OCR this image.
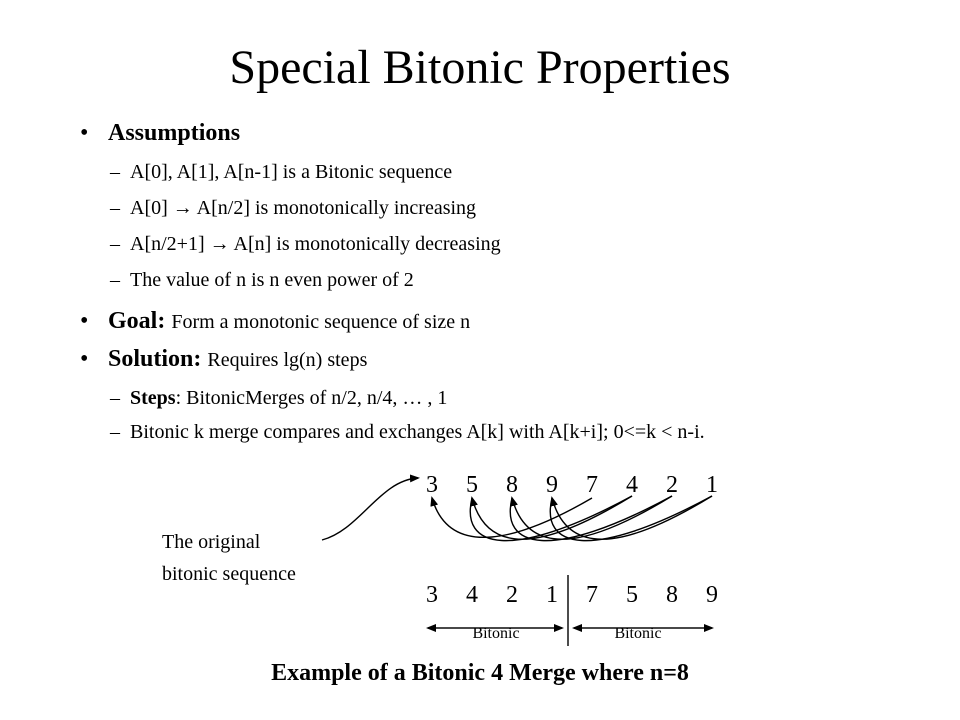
Special Bitonic Properties
• Assumptions
– A[0], A[1], A[n-1] is a Bitonic sequence
– A[0] → A[n/2] is monotonically increasing
– A[n/2+1] → A[n] is monotonically decreasing
– The value of n is n even power of 2
• Goal: Form a monotonic sequence of size n
• Solution: Requires lg(n) steps
– Steps: BitonicMerges of n/2, n/4, … , 1
– Bitonic k merge compares and exchanges A[k] with A[k+i]; 0<=k < n-i.
3 5 8 9 7 4 2 1
3 4 2 1 7 5 8 9
Bitonic	Bitonic
The original
bitonic sequence
Example of a Bitonic 4 Merge where n=8
